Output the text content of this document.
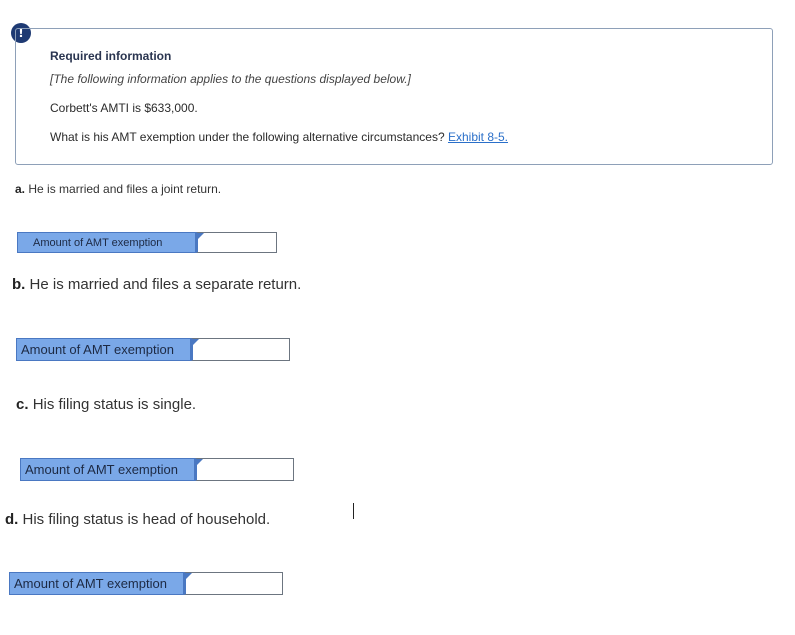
!
Required information
[The following information applies to the questions displayed below.]
Corbett's AMTI is $633,000.
What is his AMT exemption under the following alternative circumstances? Exhibit 8-5.
a. He is married and files a joint return.
Amount of AMT exemption
b. He is married and files a separate return.
Amount of AMT exemption
c. His filing status is single.
Amount of AMT exemption
d. His filing status is head of household.
Amount of AMT exemption
